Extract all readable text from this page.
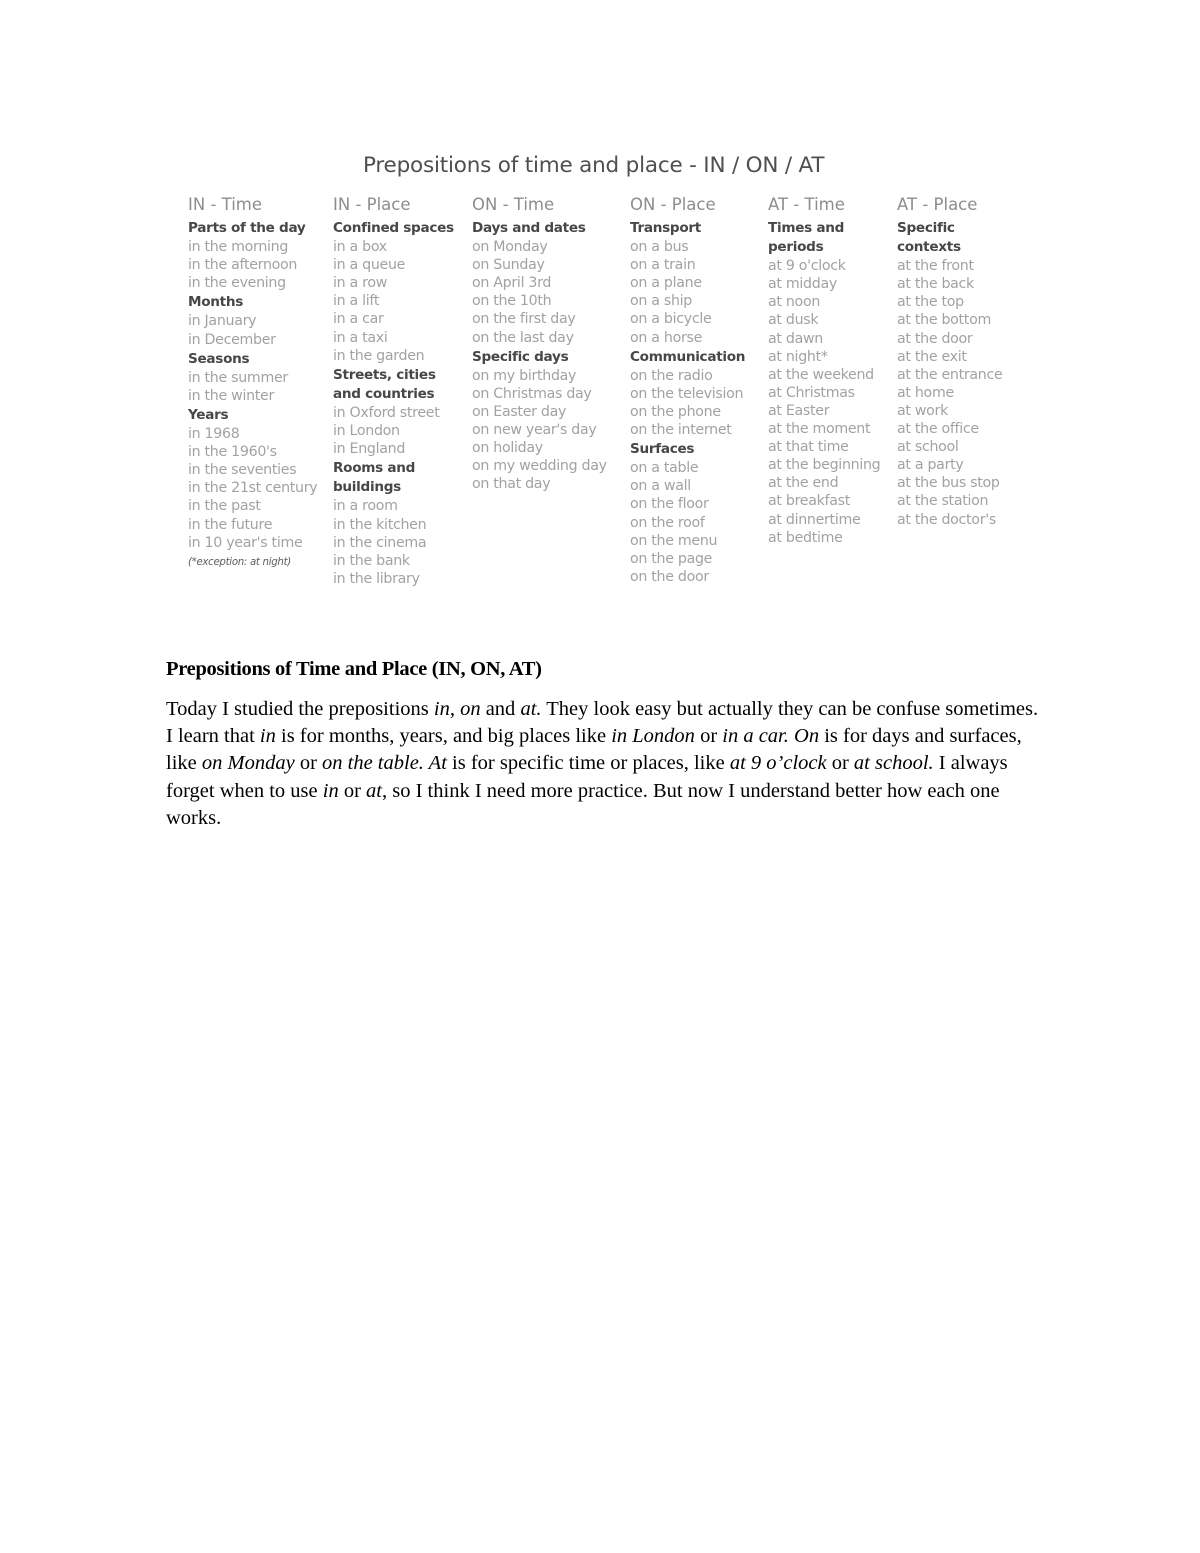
Prepositions of time and place - IN / ON / AT
IN - Time
Parts of the day
in the morning
in the afternoon
in the evening
Months
in January
in December
Seasons
in the summer
in the winter
Years
in 1968
in the 1960's
in the seventies
in the 21st century
in the past
in the future
in 10 year's time
(*exception: at night)
IN - Place
Confined spaces
in a box
in a queue
in a row
in a lift
in a car
in a taxi
in the garden
Streets, cities
and countries
in Oxford street
in London
in England
Rooms and
buildings
in a room
in the kitchen
in the cinema
in the bank
in the library
ON - Time
Days and dates
on Monday
on Sunday
on April 3rd
on the 10th
on the first day
on the last day
Specific days
on my birthday
on Christmas day
on Easter day
on new year's day
on holiday
on my wedding day
on that day
ON - Place
Transport
on a bus
on a train
on a plane
on a ship
on a bicycle
on a horse
Communication
on the radio
on the television
on the phone
on the internet
Surfaces
on a table
on a wall
on the floor
on the roof
on the menu
on the page
on the door
AT - Time
Times and
periods
at 9 o'clock
at midday
at noon
at dusk
at dawn
at night*
at the weekend
at Christmas
at Easter
at the moment
at that time
at the beginning
at the end
at breakfast
at dinnertime
at bedtime
AT - Place
Specific
contexts
at the front
at the back
at the top
at the bottom
at the door
at the exit
at the entrance
at home
at work
at the office
at school
at a party
at the bus stop
at the station
at the doctor's
Prepositions of Time and Place (IN, ON, AT)

Today I studied the prepositions in, on and at. They look easy but actually they can be confuse sometimes. I learn that in is for months, years, and big places like in London or in a car. On is for days and surfaces, like on Monday or on the table. At is for specific time or places, like at 9 o’clock or at school. I always forget when to use in or at, so I think I need more practice. But now I understand better how each one works.
